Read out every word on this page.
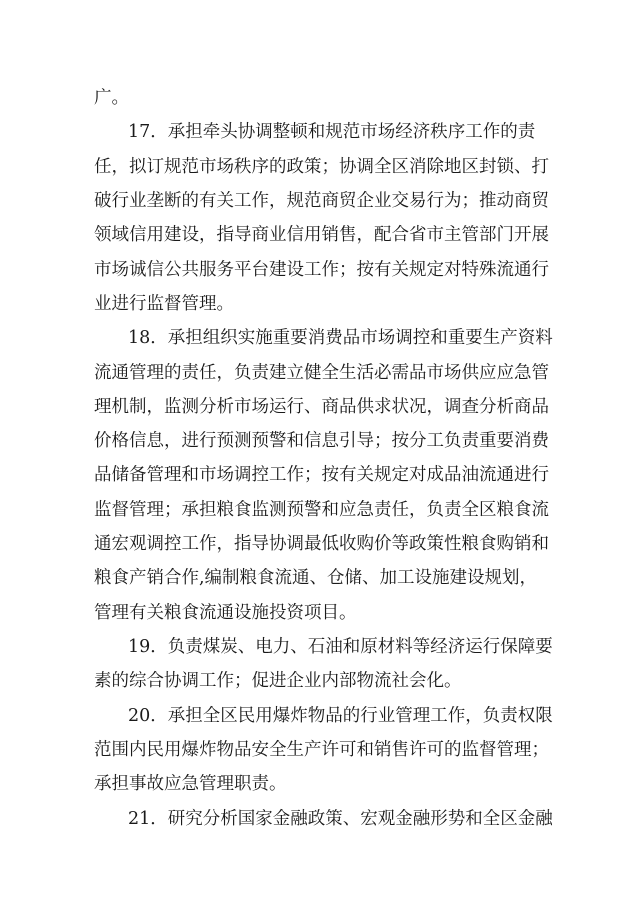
广。
17．承担牵头协调整顿和规范市场经济秩序工作的责
任，拟订规范市场秩序的政策；协调全区消除地区封锁、打
破行业垄断的有关工作，规范商贸企业交易行为；推动商贸
领域信用建设，指导商业信用销售，配合省市主管部门开展
市场诚信公共服务平台建设工作；按有关规定对特殊流通行
业进行监督管理。
18．承担组织实施重要消费品市场调控和重要生产资料
流通管理的责任，负责建立健全生活必需品市场供应应急管
理机制，监测分析市场运行、商品供求状况，调查分析商品
价格信息，进行预测预警和信息引导；按分工负责重要消费
品储备管理和市场调控工作；按有关规定对成品油流通进行
监督管理；承担粮食监测预警和应急责任，负责全区粮食流
通宏观调控工作，指导协调最低收购价等政策性粮食购销和
粮食产销合作,编制粮食流通、仓储、加工设施建设规划，
管理有关粮食流通设施投资项目。
19．负责煤炭、电力、石油和原材料等经济运行保障要
素的综合协调工作；促进企业内部物流社会化。
20．承担全区民用爆炸物品的行业管理工作，负责权限
范围内民用爆炸物品安全生产许可和销售许可的监督管理；
承担事故应急管理职责。
21．研究分析国家金融政策、宏观金融形势和全区金融
